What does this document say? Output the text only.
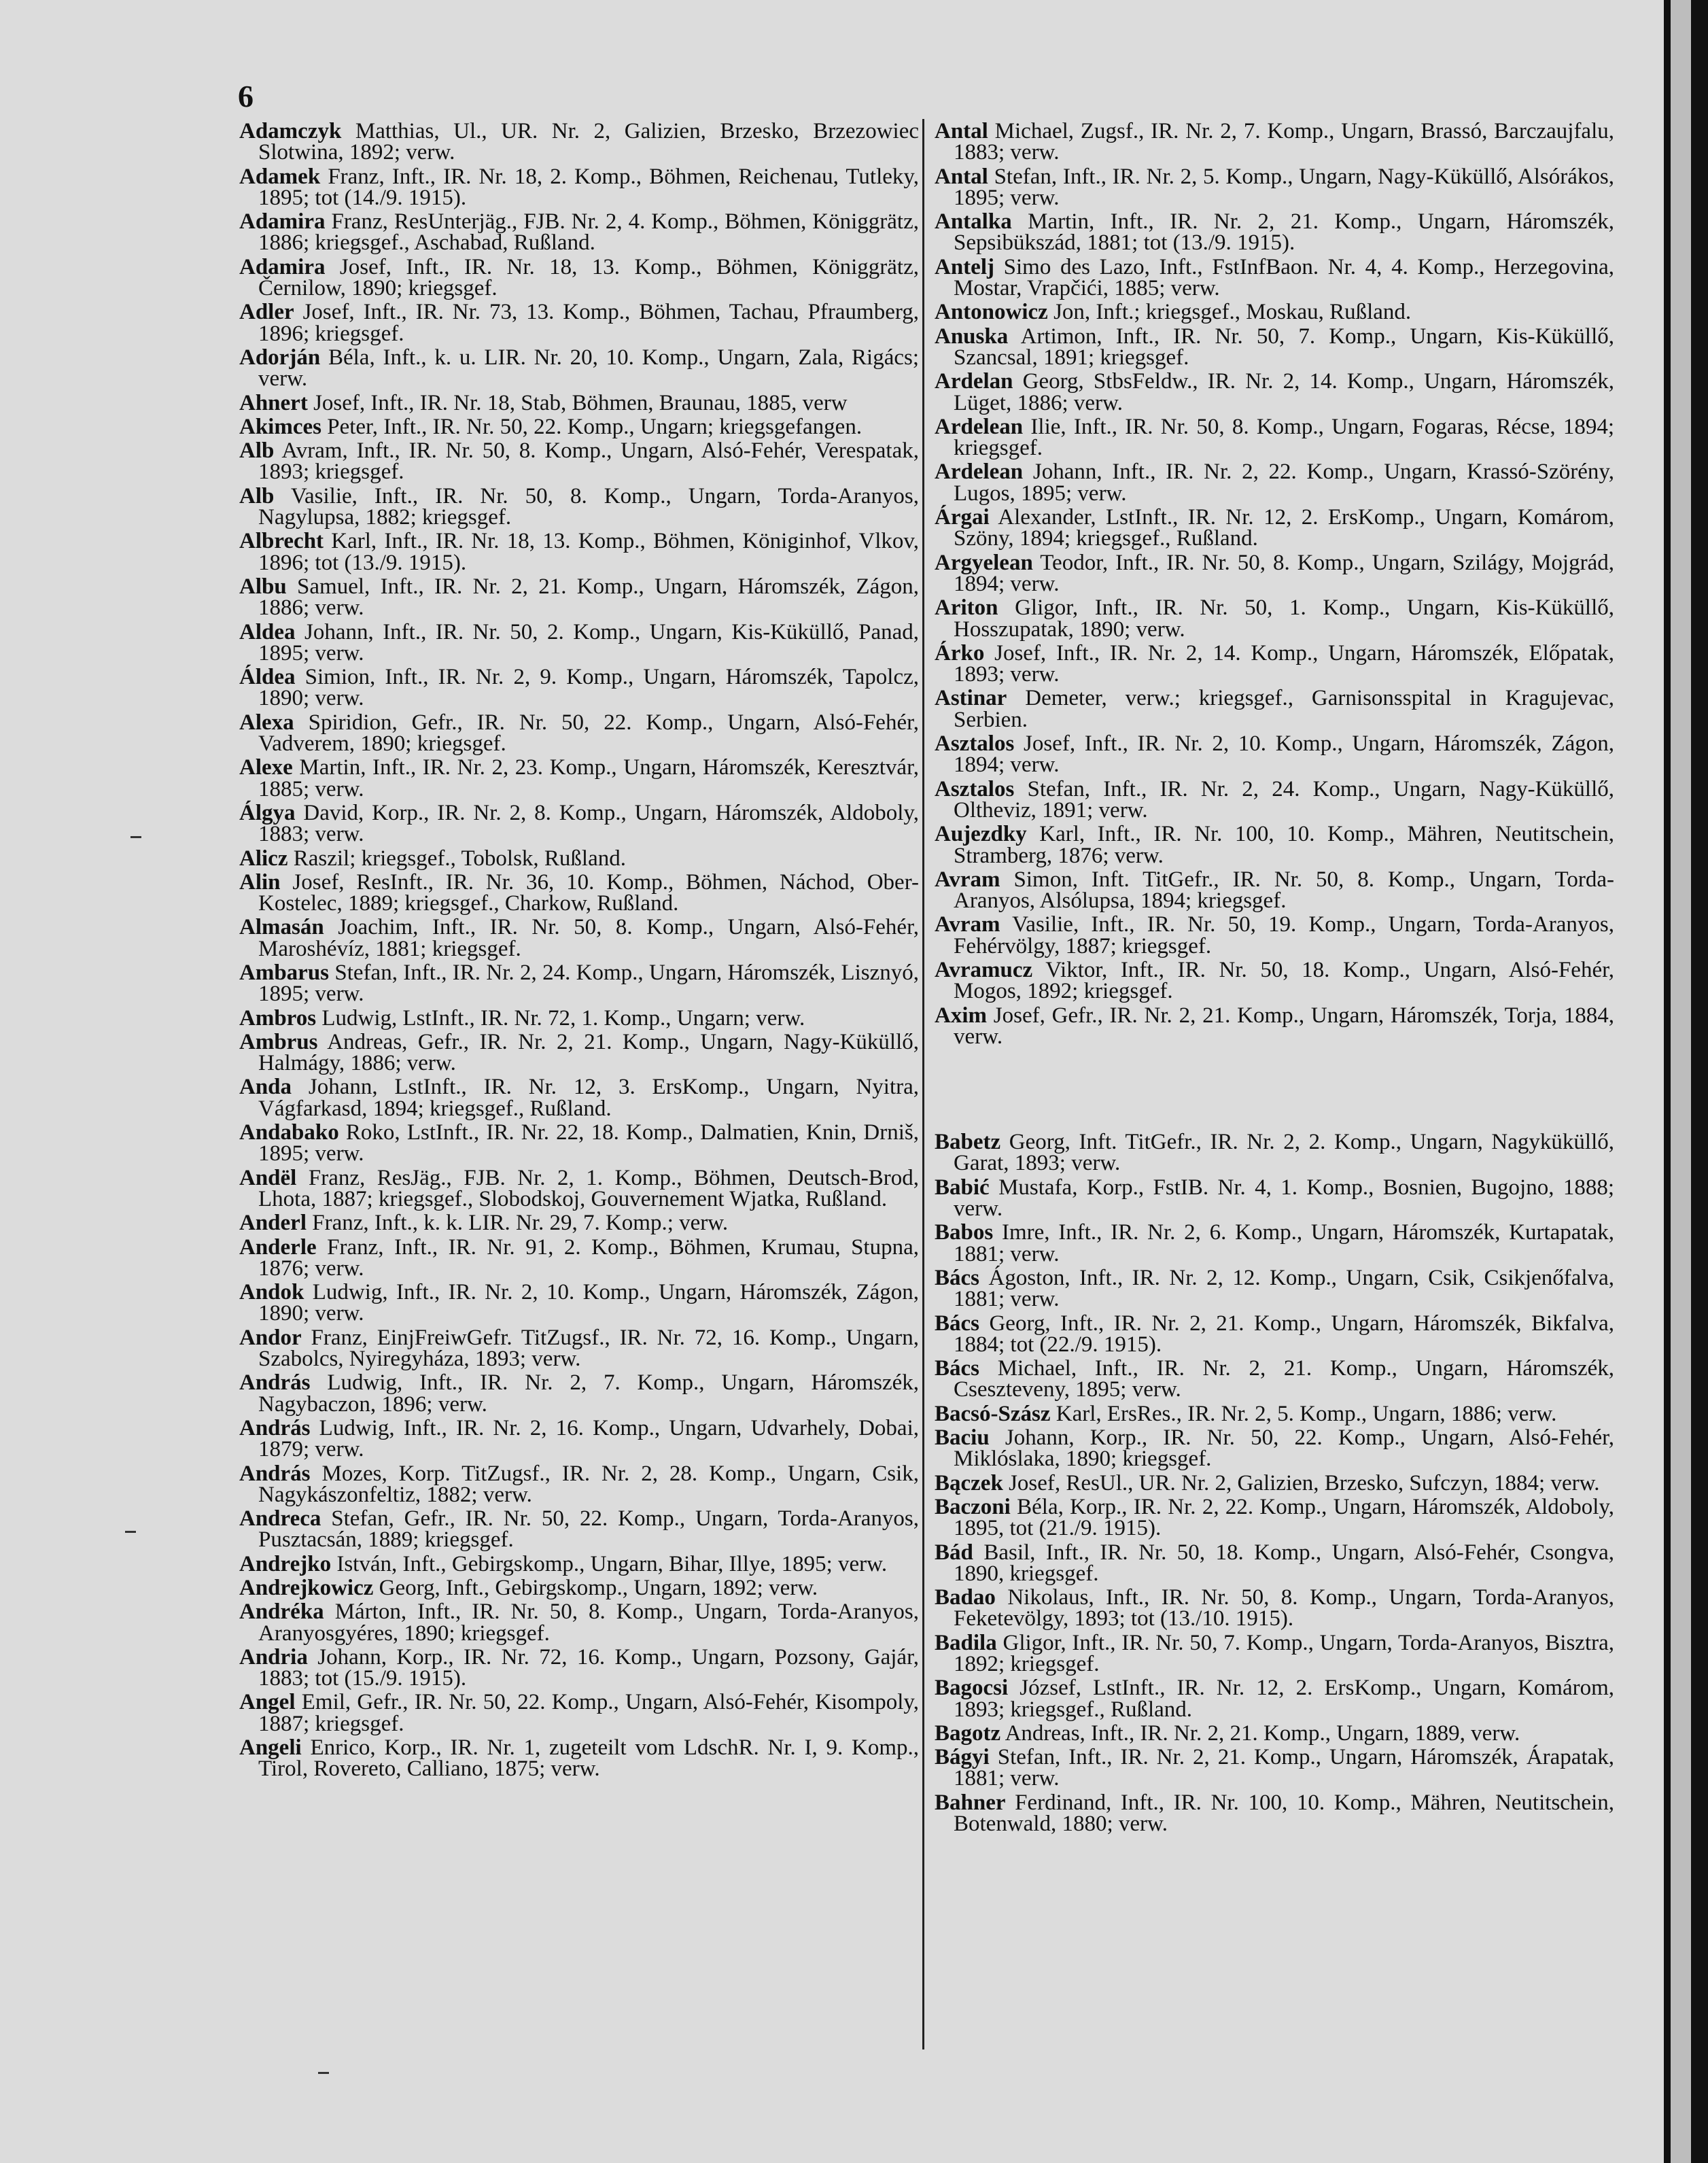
6

Adamczyk Matthias, Ul., UR. Nr. 2, Galizien, Brzesko, Brzezowiec Slotwina, 1892; verw.

Adamek Franz, Inft., IR. Nr. 18, 2. Komp., Böhmen, Reichenau, Tutleky, 1895; tot (14./9. 1915).

Adamira Franz, ResUnterjäg., FJB. Nr. 2, 4. Komp., Böhmen, Königgrätz, 1886; kriegsgef., Aschabad, Rußland.

Adamira Josef, Inft., IR. Nr. 18, 13. Komp., Böhmen, Königgrätz, Černilow, 1890; kriegsgef.

Adler Josef, Inft., IR. Nr. 73, 13. Komp., Böhmen, Tachau, Pfraumberg, 1896; kriegsgef.

Adorján Béla, Inft., k. u. LIR. Nr. 20, 10. Komp., Ungarn, Zala, Rigács; verw.

Ahnert Josef, Inft., IR. Nr. 18, Stab, Böhmen, Braunau, 1885, verw

Akimces Peter, Inft., IR. Nr. 50, 22. Komp., Ungarn; kriegsgefangen.

Alb Avram, Inft., IR. Nr. 50, 8. Komp., Ungarn, Alsó-Fehér, Verespatak, 1893; kriegsgef.

Alb Vasilie, Inft., IR. Nr. 50, 8. Komp., Ungarn, Torda-Aranyos, Nagylupsa, 1882; kriegsgef.

Albrecht Karl, Inft., IR. Nr. 18, 13. Komp., Böhmen, Königinhof, Vlkov, 1896; tot (13./9. 1915).

Albu Samuel, Inft., IR. Nr. 2, 21. Komp., Ungarn, Háromszék, Zágon, 1886; verw.

Aldea Johann, Inft., IR. Nr. 50, 2. Komp., Ungarn, Kis-Küküllő, Panad, 1895; verw.

Áldea Simion, Inft., IR. Nr. 2, 9. Komp., Ungarn, Háromszék, Tapolcz, 1890; verw.

Alexa Spiridion, Gefr., IR. Nr. 50, 22. Komp., Ungarn, Alsó-Fehér, Vadverem, 1890; kriegsgef.

Alexe Martin, Inft., IR. Nr. 2, 23. Komp., Ungarn, Háromszék, Keresztvár, 1885; verw.

Álgya David, Korp., IR. Nr. 2, 8. Komp., Ungarn, Háromszék, Aldoboly, 1883; verw.

Alicz Raszil; kriegsgef., Tobolsk, Rußland.

Alin Josef, ResInft., IR. Nr. 36, 10. Komp., Böhmen, Náchod, Ober-Kostelec, 1889; kriegsgef., Charkow, Rußland.

Almasán Joachim, Inft., IR. Nr. 50, 8. Komp., Ungarn, Alsó-Fehér, Maroshévíz, 1881; kriegsgef.

Ambarus Stefan, Inft., IR. Nr. 2, 24. Komp., Ungarn, Háromszék, Lisznyó, 1895; verw.

Ambros Ludwig, LstInft., IR. Nr. 72, 1. Komp., Ungarn; verw.

Ambrus Andreas, Gefr., IR. Nr. 2, 21. Komp., Ungarn, Nagy-Küküllő, Halmágy, 1886; verw.

Anda Johann, LstInft., IR. Nr. 12, 3. ErsKomp., Ungarn, Nyitra, Vágfarkasd, 1894; kriegsgef., Rußland.

Andabako Roko, LstInft., IR. Nr. 22, 18. Komp., Dalmatien, Knin, Drniš, 1895; verw.

Andël Franz, ResJäg., FJB. Nr. 2, 1. Komp., Böhmen, Deutsch-Brod, Lhota, 1887; kriegsgef., Slobodskoj, Gouvernement Wjatka, Rußland.

Anderl Franz, Inft., k. k. LIR. Nr. 29, 7. Komp.; verw.

Anderle Franz, Inft., IR. Nr. 91, 2. Komp., Böhmen, Krumau, Stupna, 1876; verw.

Andok Ludwig, Inft., IR. Nr. 2, 10. Komp., Ungarn, Háromszék, Zágon, 1890; verw.

Andor Franz, EinjFreiwGefr. TitZugsf., IR. Nr. 72, 16. Komp., Ungarn, Szabolcs, Nyiregyháza, 1893; verw.

András Ludwig, Inft., IR. Nr. 2, 7. Komp., Ungarn, Háromszék, Nagybaczon, 1896; verw.

András Ludwig, Inft., IR. Nr. 2, 16. Komp., Ungarn, Udvarhely, Dobai, 1879; verw.

András Mozes, Korp. TitZugsf., IR. Nr. 2, 28. Komp., Ungarn, Csik, Nagykászonfeltiz, 1882; verw.

Andreca Stefan, Gefr., IR. Nr. 50, 22. Komp., Ungarn, Torda-Aranyos, Pusztacsán, 1889; kriegsgef.

Andrejko István, Inft., Gebirgskomp., Ungarn, Bihar, Illye, 1895; verw.

Andrejkowicz Georg, Inft., Gebirgskomp., Ungarn, 1892; verw.

Andréka Márton, Inft., IR. Nr. 50, 8. Komp., Ungarn, Torda-Aranyos, Aranyosgyéres, 1890; kriegsgef.

Andria Johann, Korp., IR. Nr. 72, 16. Komp., Ungarn, Pozsony, Gajár, 1883; tot (15./9. 1915).

Angel Emil, Gefr., IR. Nr. 50, 22. Komp., Ungarn, Alsó-Fehér, Kisompoly, 1887; kriegsgef.

Angeli Enrico, Korp., IR. Nr. 1, zugeteilt vom LdschR. Nr. I, 9. Komp., Tirol, Rovereto, Calliano, 1875; verw.

Antal Michael, Zugsf., IR. Nr. 2, 7. Komp., Ungarn, Brassó, Barczaujfalu, 1883; verw.

Antal Stefan, Inft., IR. Nr. 2, 5. Komp., Ungarn, Nagy-Küküllő, Alsórákos, 1895; verw.

Antalka Martin, Inft., IR. Nr. 2, 21. Komp., Ungarn, Háromszék, Sepsibükszád, 1881; tot (13./9. 1915).

Antelj Simo des Lazo, Inft., FstInfBaon. Nr. 4, 4. Komp., Herzegovina, Mostar, Vrapčići, 1885; verw.

Antonowicz Jon, Inft.; kriegsgef., Moskau, Rußland.

Anuska Artimon, Inft., IR. Nr. 50, 7. Komp., Ungarn, Kis-Küküllő, Szancsal, 1891; kriegsgef.

Ardelan Georg, StbsFeldw., IR. Nr. 2, 14. Komp., Ungarn, Háromszék, Lüget, 1886; verw.

Ardelean Ilie, Inft., IR. Nr. 50, 8. Komp., Ungarn, Fogaras, Récse, 1894; kriegsgef.

Ardelean Johann, Inft., IR. Nr. 2, 22. Komp., Ungarn, Krassó-Szörény, Lugos, 1895; verw.

Árgai Alexander, LstInft., IR. Nr. 12, 2. ErsKomp., Ungarn, Komárom, Szöny, 1894; kriegsgef., Rußland.

Argyelean Teodor, Inft., IR. Nr. 50, 8. Komp., Ungarn, Szilágy, Mojgrád, 1894; verw.

Ariton Gligor, Inft., IR. Nr. 50, 1. Komp., Ungarn, Kis-Küküllő, Hosszupatak, 1890; verw.

Árko Josef, Inft., IR. Nr. 2, 14. Komp., Ungarn, Háromszék, Előpatak, 1893; verw.

Astinar Demeter, verw.; kriegsgef., Garnisonsspital in Kragujevac, Serbien.

Asztalos Josef, Inft., IR. Nr. 2, 10. Komp., Ungarn, Háromszék, Zágon, 1894; verw.

Asztalos Stefan, Inft., IR. Nr. 2, 24. Komp., Ungarn, Nagy-Küküllő, Oltheviz, 1891; verw.

Aujezdky Karl, Inft., IR. Nr. 100, 10. Komp., Mähren, Neutitschein, Stramberg, 1876; verw.

Avram Simon, Inft. TitGefr., IR. Nr. 50, 8. Komp., Ungarn, Torda-Aranyos, Alsólupsa, 1894; kriegsgef.

Avram Vasilie, Inft., IR. Nr. 50, 19. Komp., Ungarn, Torda-Aranyos, Fehérvölgy, 1887; kriegsgef.

Avramucz Viktor, Inft., IR. Nr. 50, 18. Komp., Ungarn, Alsó-Fehér, Mogos, 1892; kriegsgef.

Axim Josef, Gefr., IR. Nr. 2, 21. Komp., Ungarn, Háromszék, Torja, 1884, verw.

Babetz Georg, Inft. TitGefr., IR. Nr. 2, 2. Komp., Ungarn, Nagyküküllő, Garat, 1893; verw.

Babić Mustafa, Korp., FstIB. Nr. 4, 1. Komp., Bosnien, Bugojno, 1888; verw.

Babos Imre, Inft., IR. Nr. 2, 6. Komp., Ungarn, Háromszék, Kurtapatak, 1881; verw.

Bács Ágoston, Inft., IR. Nr. 2, 12. Komp., Ungarn, Csik, Csikjenőfalva, 1881; verw.

Bács Georg, Inft., IR. Nr. 2, 21. Komp., Ungarn, Háromszék, Bikfalva, 1884; tot (22./9. 1915).

Bács Michael, Inft., IR. Nr. 2, 21. Komp., Ungarn, Háromszék, Cseszteveny, 1895; verw.

Bacsó-Szász Karl, ErsRes., IR. Nr. 2, 5. Komp., Ungarn, 1886; verw.

Baciu Johann, Korp., IR. Nr. 50, 22. Komp., Ungarn, Alsó-Fehér, Miklóslaka, 1890; kriegsgef.

Bączek Josef, ResUl., UR. Nr. 2, Galizien, Brzesko, Sufczyn, 1884; verw.

Baczoni Béla, Korp., IR. Nr. 2, 22. Komp., Ungarn, Háromszék, Aldoboly, 1895, tot (21./9. 1915).

Bád Basil, Inft., IR. Nr. 50, 18. Komp., Ungarn, Alsó-Fehér, Csongva, 1890, kriegsgef.

Badao Nikolaus, Inft., IR. Nr. 50, 8. Komp., Ungarn, Torda-Aranyos, Feketevölgy, 1893; tot (13./10. 1915).

Badila Gligor, Inft., IR. Nr. 50, 7. Komp., Ungarn, Torda-Aranyos, Bisztra, 1892; kriegsgef.

Bagocsi József, LstInft., IR. Nr. 12, 2. ErsKomp., Ungarn, Komárom, 1893; kriegsgef., Rußland.

Bagotz Andreas, Inft., IR. Nr. 2, 21. Komp., Ungarn, 1889, verw.

Bágyi Stefan, Inft., IR. Nr. 2, 21. Komp., Ungarn, Háromszék, Árapatak, 1881; verw.

Bahner Ferdinand, Inft., IR. Nr. 100, 10. Komp., Mähren, Neutitschein, Botenwald, 1880; verw.
